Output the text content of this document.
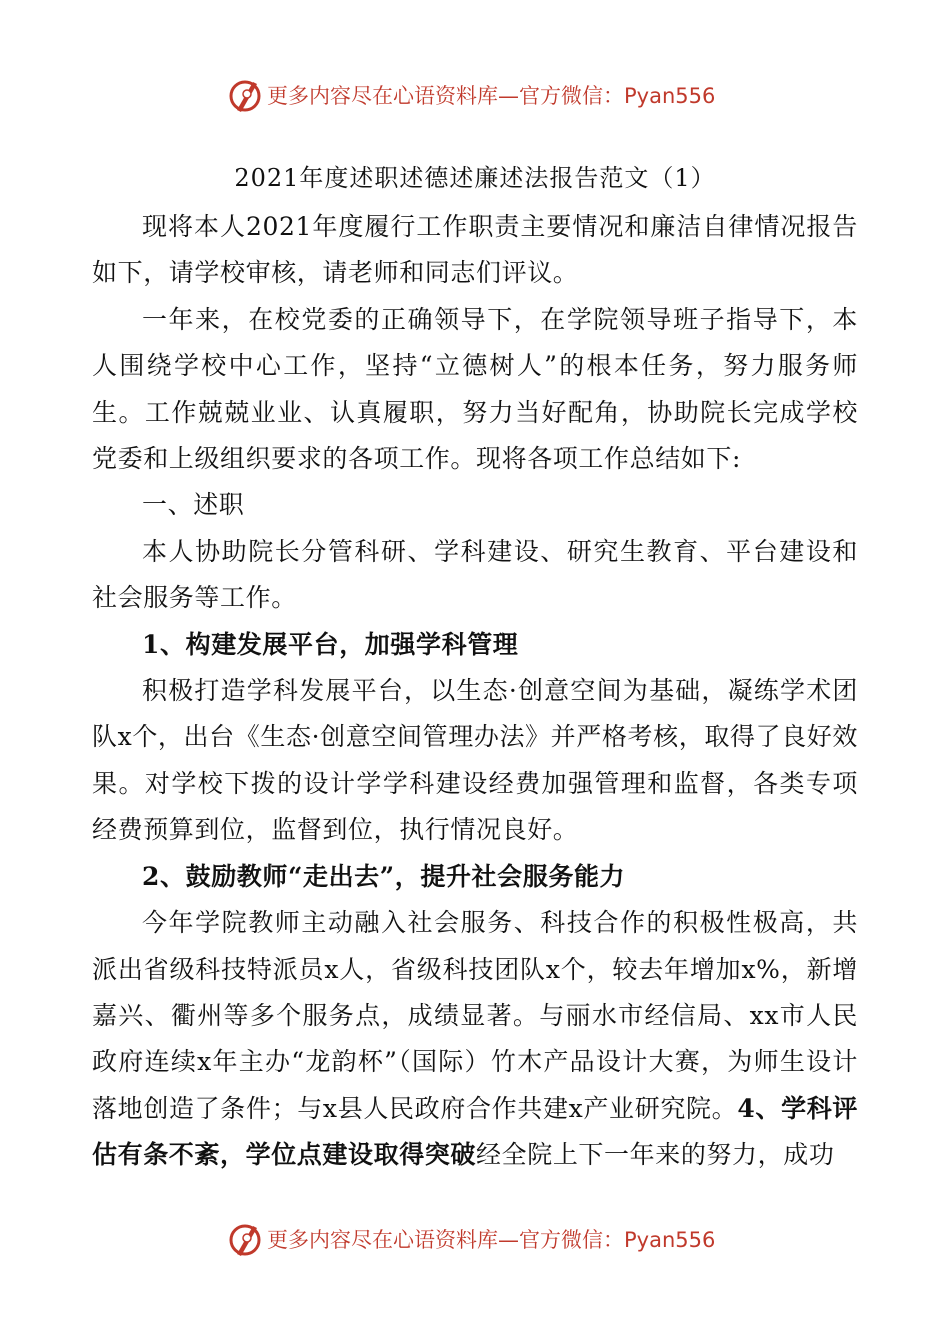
更多内容尽在心语资料库—官方微信：Pyan556
2021年度述职述德述廉述法报告范文（1）

现将本人2021年度履行工作职责主要情况和廉洁自律情况报告如下，请学校审核，请老师和同志们评议。

一年来，在校党委的正确领导下，在学院领导班子指导下，本人围绕学校中心工作，坚持“立德树人”的根本任务，努力服务师生。工作兢兢业业、认真履职，努力当好配角，协助院长完成学校党委和上级组织要求的各项工作。现将各项工作总结如下:

一、述职

本人协助院长分管科研、学科建设、研究生教育、平台建设和社会服务等工作。

1、构建发展平台，加强学科管理

积极打造学科发展平台，以生态·创意空间为基础，凝练学术团队x个，出台《生态·创意空间管理办法》并严格考核，取得了良好效果。对学校下拨的设计学学科建设经费加强管理和监督，各类专项经费预算到位，监督到位，执行情况良好。

2、鼓励教师“走出去”，提升社会服务能力

今年学院教师主动融入社会服务、科技合作的积极性极高，共派出省级科技特派员x人，省级科技团队x个，较去年增加x%，新增嘉兴、衢州等多个服务点，成绩显著。与丽水市经信局、xx市人民政府连续x年主办“龙韵杯”（国际）竹木产品设计大赛，为师生设计落地创造了条件；与x县人民政府合作共建x产业研究院。4、学科评估有条不紊，学位点建设取得突破经全院上下一年来的努力，成功

更多内容尽在心语资料库—官方微信：Pyan556
